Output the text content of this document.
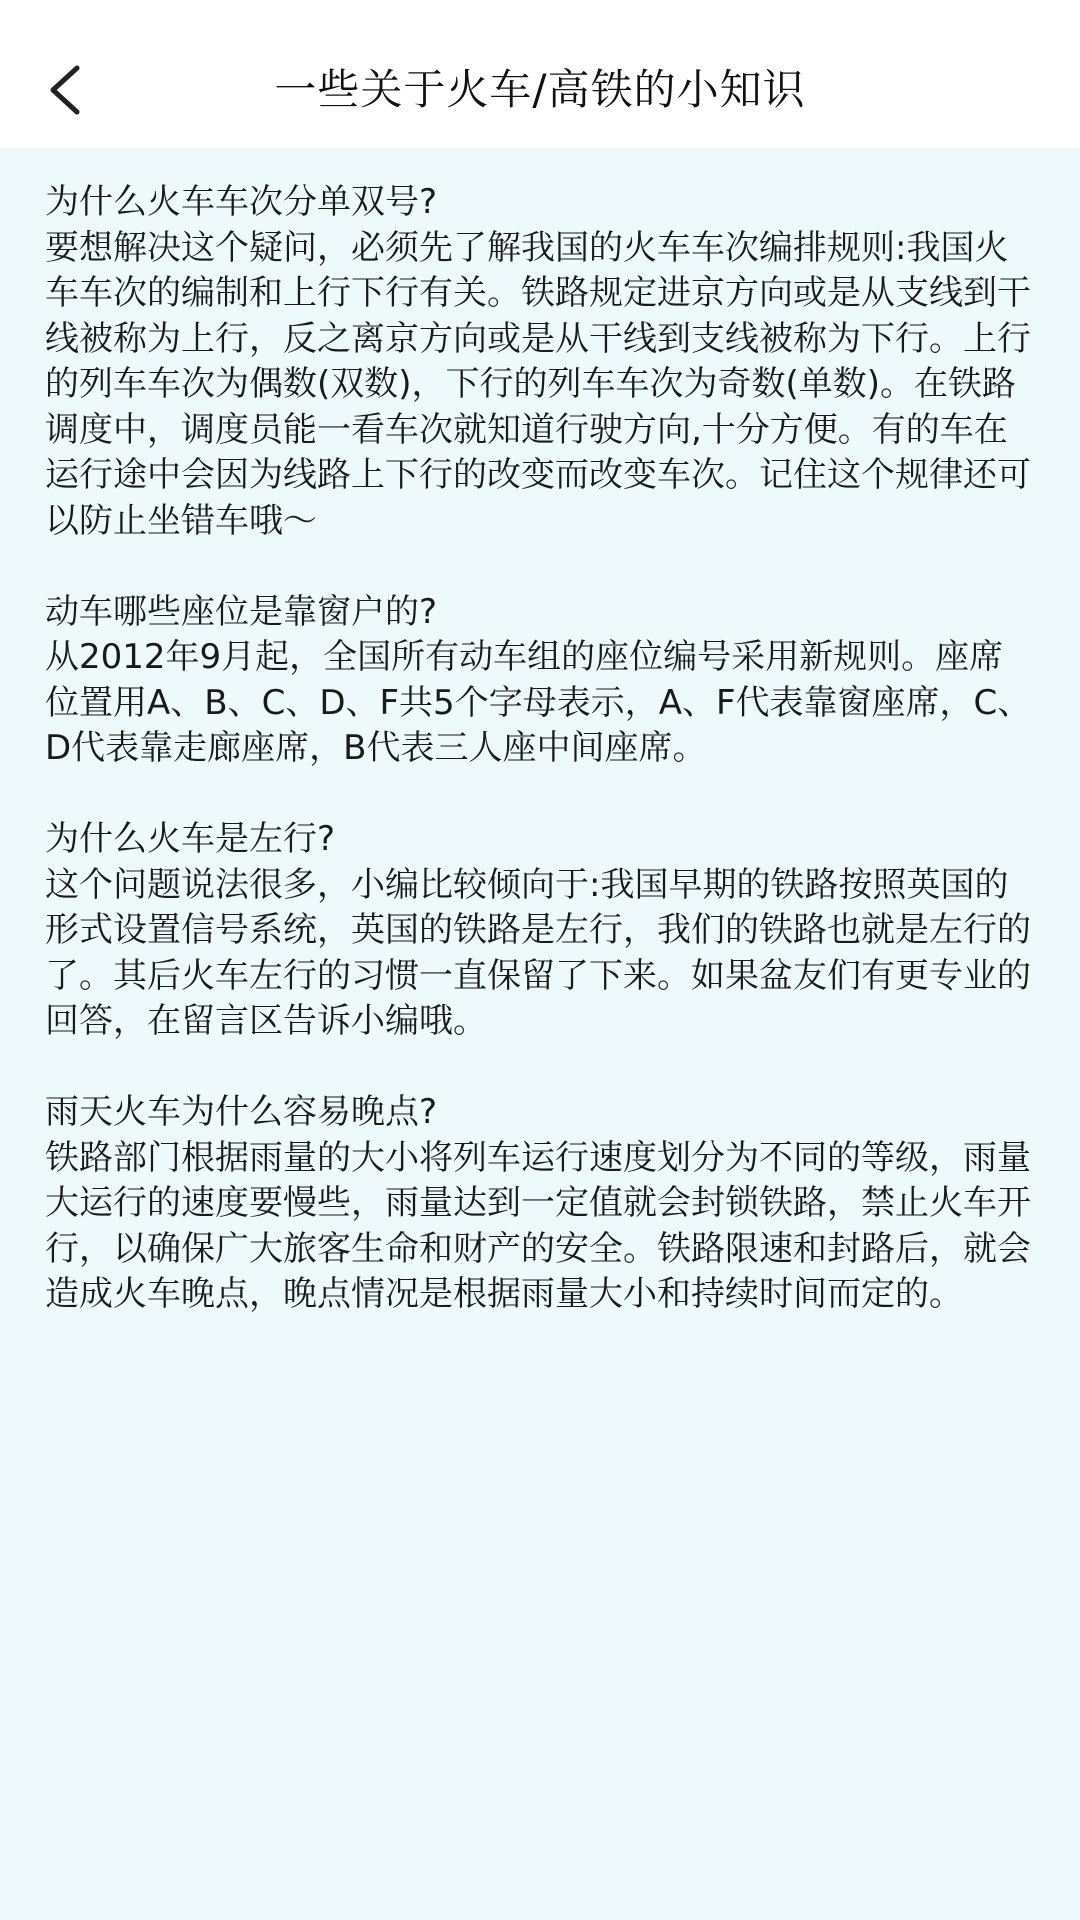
一些关于火车/高铁的小知识

为什么火车车次分单双号?

要想解决这个疑问，必须先了解我国的火车车次编排规则:我国火车车次的编制和上行下行有关。铁路规定进京方向或是从支线到干线被称为上行，反之离京方向或是从干线到支线被称为下行。上行的列车车次为偶数(双数)，下行的列车车次为奇数(单数)。在铁路调度中，调度员能一看车次就知道行驶方向,十分方便。有的车在运行途中会因为线路上下行的改变而改变车次。记住这个规律还可以防止坐错车哦～

动车哪些座位是靠窗户的?

从2012年9月起，全国所有动车组的座位编号采用新规则。座席位置用A、B、C、D、F共5个字母表示，A、F代表靠窗座席，C、D代表靠走廊座席，B代表三人座中间座席。

为什么火车是左行?

这个问题说法很多，小编比较倾向于:我国早期的铁路按照英国的形式设置信号系统，英国的铁路是左行，我们的铁路也就是左行的了。其后火车左行的习惯一直保留了下来。如果盆友们有更专业的回答，在留言区告诉小编哦。

雨天火车为什么容易晚点?

铁路部门根据雨量的大小将列车运行速度划分为不同的等级，雨量大运行的速度要慢些，雨量达到一定值就会封锁铁路，禁止火车开行，以确保广大旅客生命和财产的安全。铁路限速和封路后，就会造成火车晚点，晚点情况是根据雨量大小和持续时间而定的。
